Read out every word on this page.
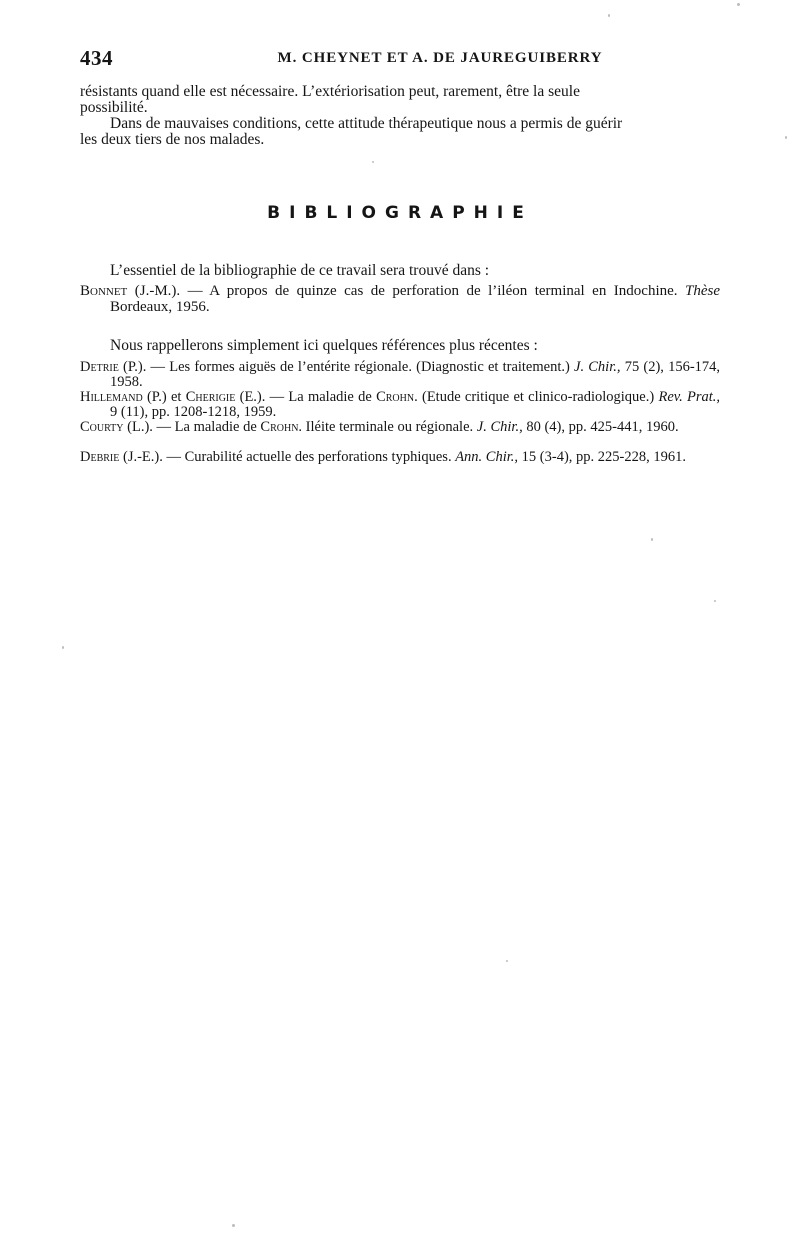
434	M. CHEYNET ET A. DE JAUREGUIBERRY

résistants quand elle est nécessaire. L’extériorisation peut, rarement, être la seule
possibilité.

Dans de mauvaises conditions, cette attitude thérapeutique nous a permis de guérir
les deux tiers de nos malades.

BIBLIOGRAPHIE

L’essentiel de la bibliographie de ce travail sera trouvé dans :

Bonnet (J.-M.). — A propos de quinze cas de perforation de l’iléon terminal en Indochine. Thèse Bordeaux, 1956.

Nous rappellerons simplement ici quelques références plus récentes :

Detrie (P.). — Les formes aiguës de l’entérite régionale. (Diagnostic et traitement.) J. Chir., 75 (2), 156-174, 1958.

Hillemand (P.) et Cherigie (E.). — La maladie de Crohn. (Etude critique et clinico-radiologique.) Rev. Prat., 9 (11), pp. 1208-1218, 1959.

Courty (L.). — La maladie de Crohn. Iléite terminale ou régionale. J. Chir., 80 (4), pp. 425-441, 1960.

Debrie (J.-E.). — Curabilité actuelle des perforations typhiques. Ann. Chir., 15 (3-4), pp. 225-228, 1961.
